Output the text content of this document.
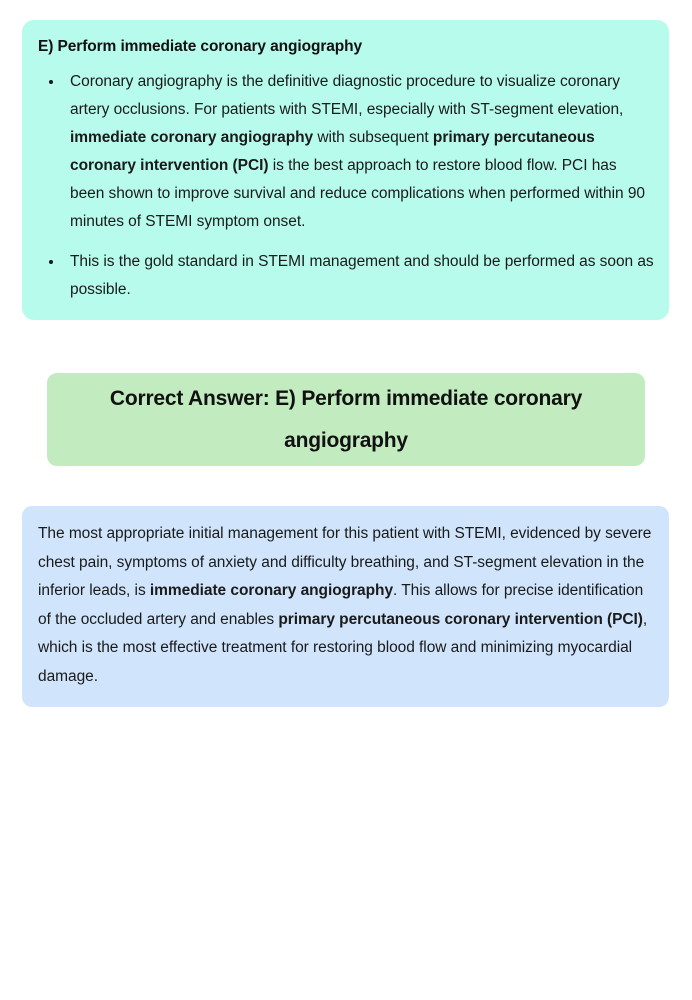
E) Perform immediate coronary angiography
Coronary angiography is the definitive diagnostic procedure to visualize coronary artery occlusions. For patients with STEMI, especially with ST-segment elevation, immediate coronary angiography with subsequent primary percutaneous coronary intervention (PCI) is the best approach to restore blood flow. PCI has been shown to improve survival and reduce complications when performed within 90 minutes of STEMI symptom onset.
This is the gold standard in STEMI management and should be performed as soon as possible.
Correct Answer: E) Perform immediate coronary angiography

The most appropriate initial management for this patient with STEMI, evidenced by severe chest pain, symptoms of anxiety and difficulty breathing, and ST-segment elevation in the inferior leads, is immediate coronary angiography. This allows for precise identification of the occluded artery and enables primary percutaneous coronary intervention (PCI), which is the most effective treatment for restoring blood flow and minimizing myocardial damage.
